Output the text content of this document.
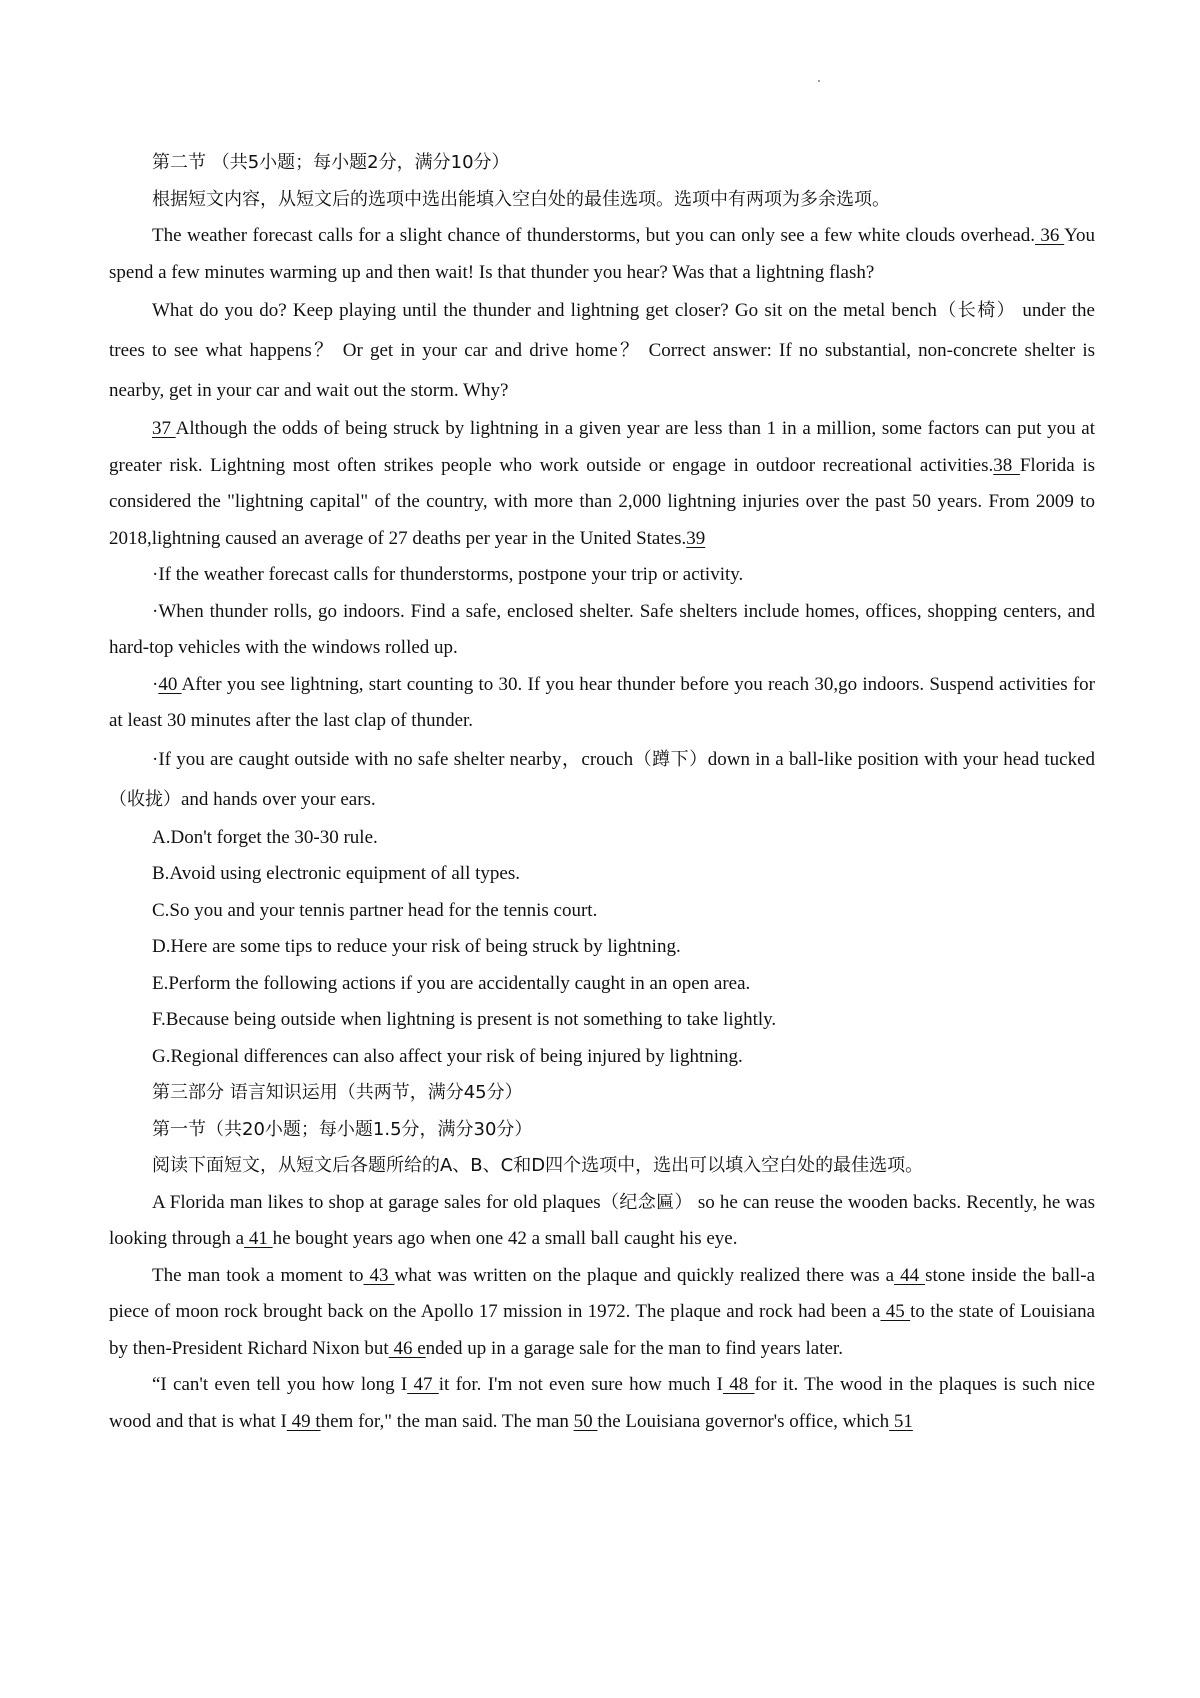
第二节 （共5小题；每小题2分，满分10分）

根据短文内容，从短文后的选项中选出能填入空白处的最佳选项。选项中有两项为多余选项。

The weather forecast calls for a slight chance of thunderstorms, but you can only see a few white clouds overhead. 36 You spend a few minutes warming up and then wait! Is that thunder you hear? Was that a lightning flash?

What do you do? Keep playing until the thunder and lightning get closer? Go sit on the metal bench（长椅） under the trees to see what happens？ Or get in your car and drive home？ Correct answer: If no substantial, non-concrete shelter is nearby, get in your car and wait out the storm. Why?

37 Although the odds of being struck by lightning in a given year are less than 1 in a million, some factors can put you at greater risk. Lightning most often strikes people who work outside or engage in outdoor recreational activities.38 Florida is considered the "lightning capital" of the country, with more than 2,000 lightning injuries over the past 50 years. From 2009 to 2018,lightning caused an average of 27 deaths per year in the United States.39

·If the weather forecast calls for thunderstorms, postpone your trip or activity.

·When thunder rolls, go indoors. Find a safe, enclosed shelter. Safe shelters include homes, offices, shopping centers, and hard-top vehicles with the windows rolled up.

·40 After you see lightning, start counting to 30. If you hear thunder before you reach 30,go indoors. Suspend activities for at least 30 minutes after the last clap of thunder.

·If you are caught outside with no safe shelter nearby，crouch（蹲下）down in a ball-like position with your head tucked（收拢）and hands over your ears.

A.Don't forget the 30-30 rule.

B.Avoid using electronic equipment of all types.

C.So you and your tennis partner head for the tennis court.

D.Here are some tips to reduce your risk of being struck by lightning.

E.Perform the following actions if you are accidentally caught in an open area.

F.Because being outside when lightning is present is not something to take lightly.

G.Regional differences can also affect your risk of being injured by lightning.

第三部分 语言知识运用（共两节，满分45分）

第一节（共20小题；每小题1.5分，满分30分）

阅读下面短文，从短文后各题所给的A、B、C和D四个选项中，选出可以填入空白处的最佳选项。

A Florida man likes to shop at garage sales for old plaques（纪念匾） so he can reuse the wooden backs. Recently, he was looking through a 41 he bought years ago when one 42 a small ball caught his eye.

The man took a moment to 43 what was written on the plaque and quickly realized there was a 44 stone inside the ball-a piece of moon rock brought back on the Apollo 17 mission in 1972. The plaque and rock had been a 45 to the state of Louisiana by then-President Richard Nixon but 46 ended up in a garage sale for the man to find years later.

“I can't even tell you how long I 47 it for. I'm not even sure how much I 48 for it. The wood in the plaques is such nice wood and that is what I 49 them for," the man said. The man 50 the Louisiana governor's office, which 51
